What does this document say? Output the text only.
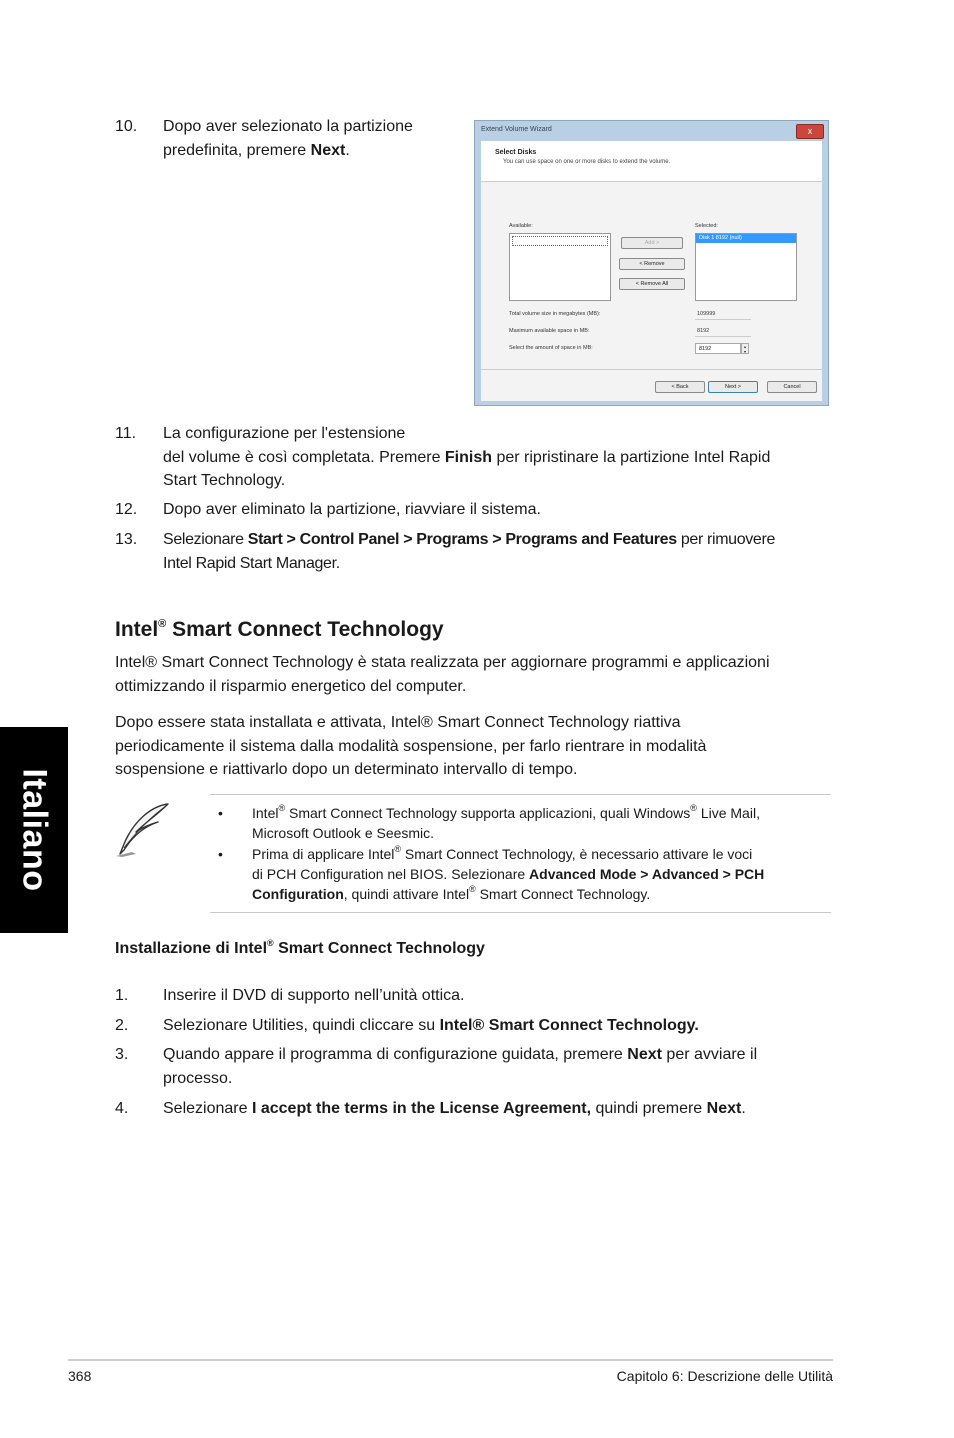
10. Dopo aver selezionato la partizione
predefinita, premere Next.
Extend Volume Wizard	x
Select Disks
You can use space on one or more disks to extend the volume.
Available:	Selected:
Disk 1 8192 (null)
Add >
< Remove
< Remove All
Total volume size in megabytes (MB):	109999
Maximum available space in MB:	8192
Select the amount of space in MB:	8192	▴
▾
< Back	Next >	Cancel
11. La configurazione per l'estensione
del volume è così completata. Premere Finish per ripristinare la partizione Intel Rapid
Start Technology.
12. Dopo aver eliminato la partizione, riavviare il sistema.
13. Selezionare Start > Control Panel > Programs > Programs and Features per rimuovere
Intel Rapid Start Manager.
Intel® Smart Connect Technology
Intel® Smart Connect Technology è stata realizzata per aggiornare programmi e applicazioni
ottimizzando il risparmio energetico del computer.
Dopo essere stata installata e attivata, Intel® Smart Connect Technology riattiva
periodicamente il sistema dalla modalità sospensione, per farlo rientrare in modalità
sospensione e riattivarlo dopo un determinato intervallo di tempo.
Italiano	• Intel® Smart Connect Technology supporta applicazioni, quali Windows® Live Mail,
Microsoft Outlook e Seesmic.
• Prima di applicare Intel® Smart Connect Technology, è necessario attivare le voci
di PCH Configuration nel BIOS. Selezionare Advanced Mode > Advanced > PCH
Configuration, quindi attivare Intel® Smart Connect Technology.
Installazione di Intel® Smart Connect Technology
1. Inserire il DVD di supporto nell’unità ottica.
2. Selezionare Utilities, quindi cliccare su Intel® Smart Connect Technology.
3. Quando appare il programma di configurazione guidata, premere Next per avviare il
processo.
4. Selezionare I accept the terms in the License Agreement, quindi premere Next.
368	Capitolo 6: Descrizione delle Utilità
